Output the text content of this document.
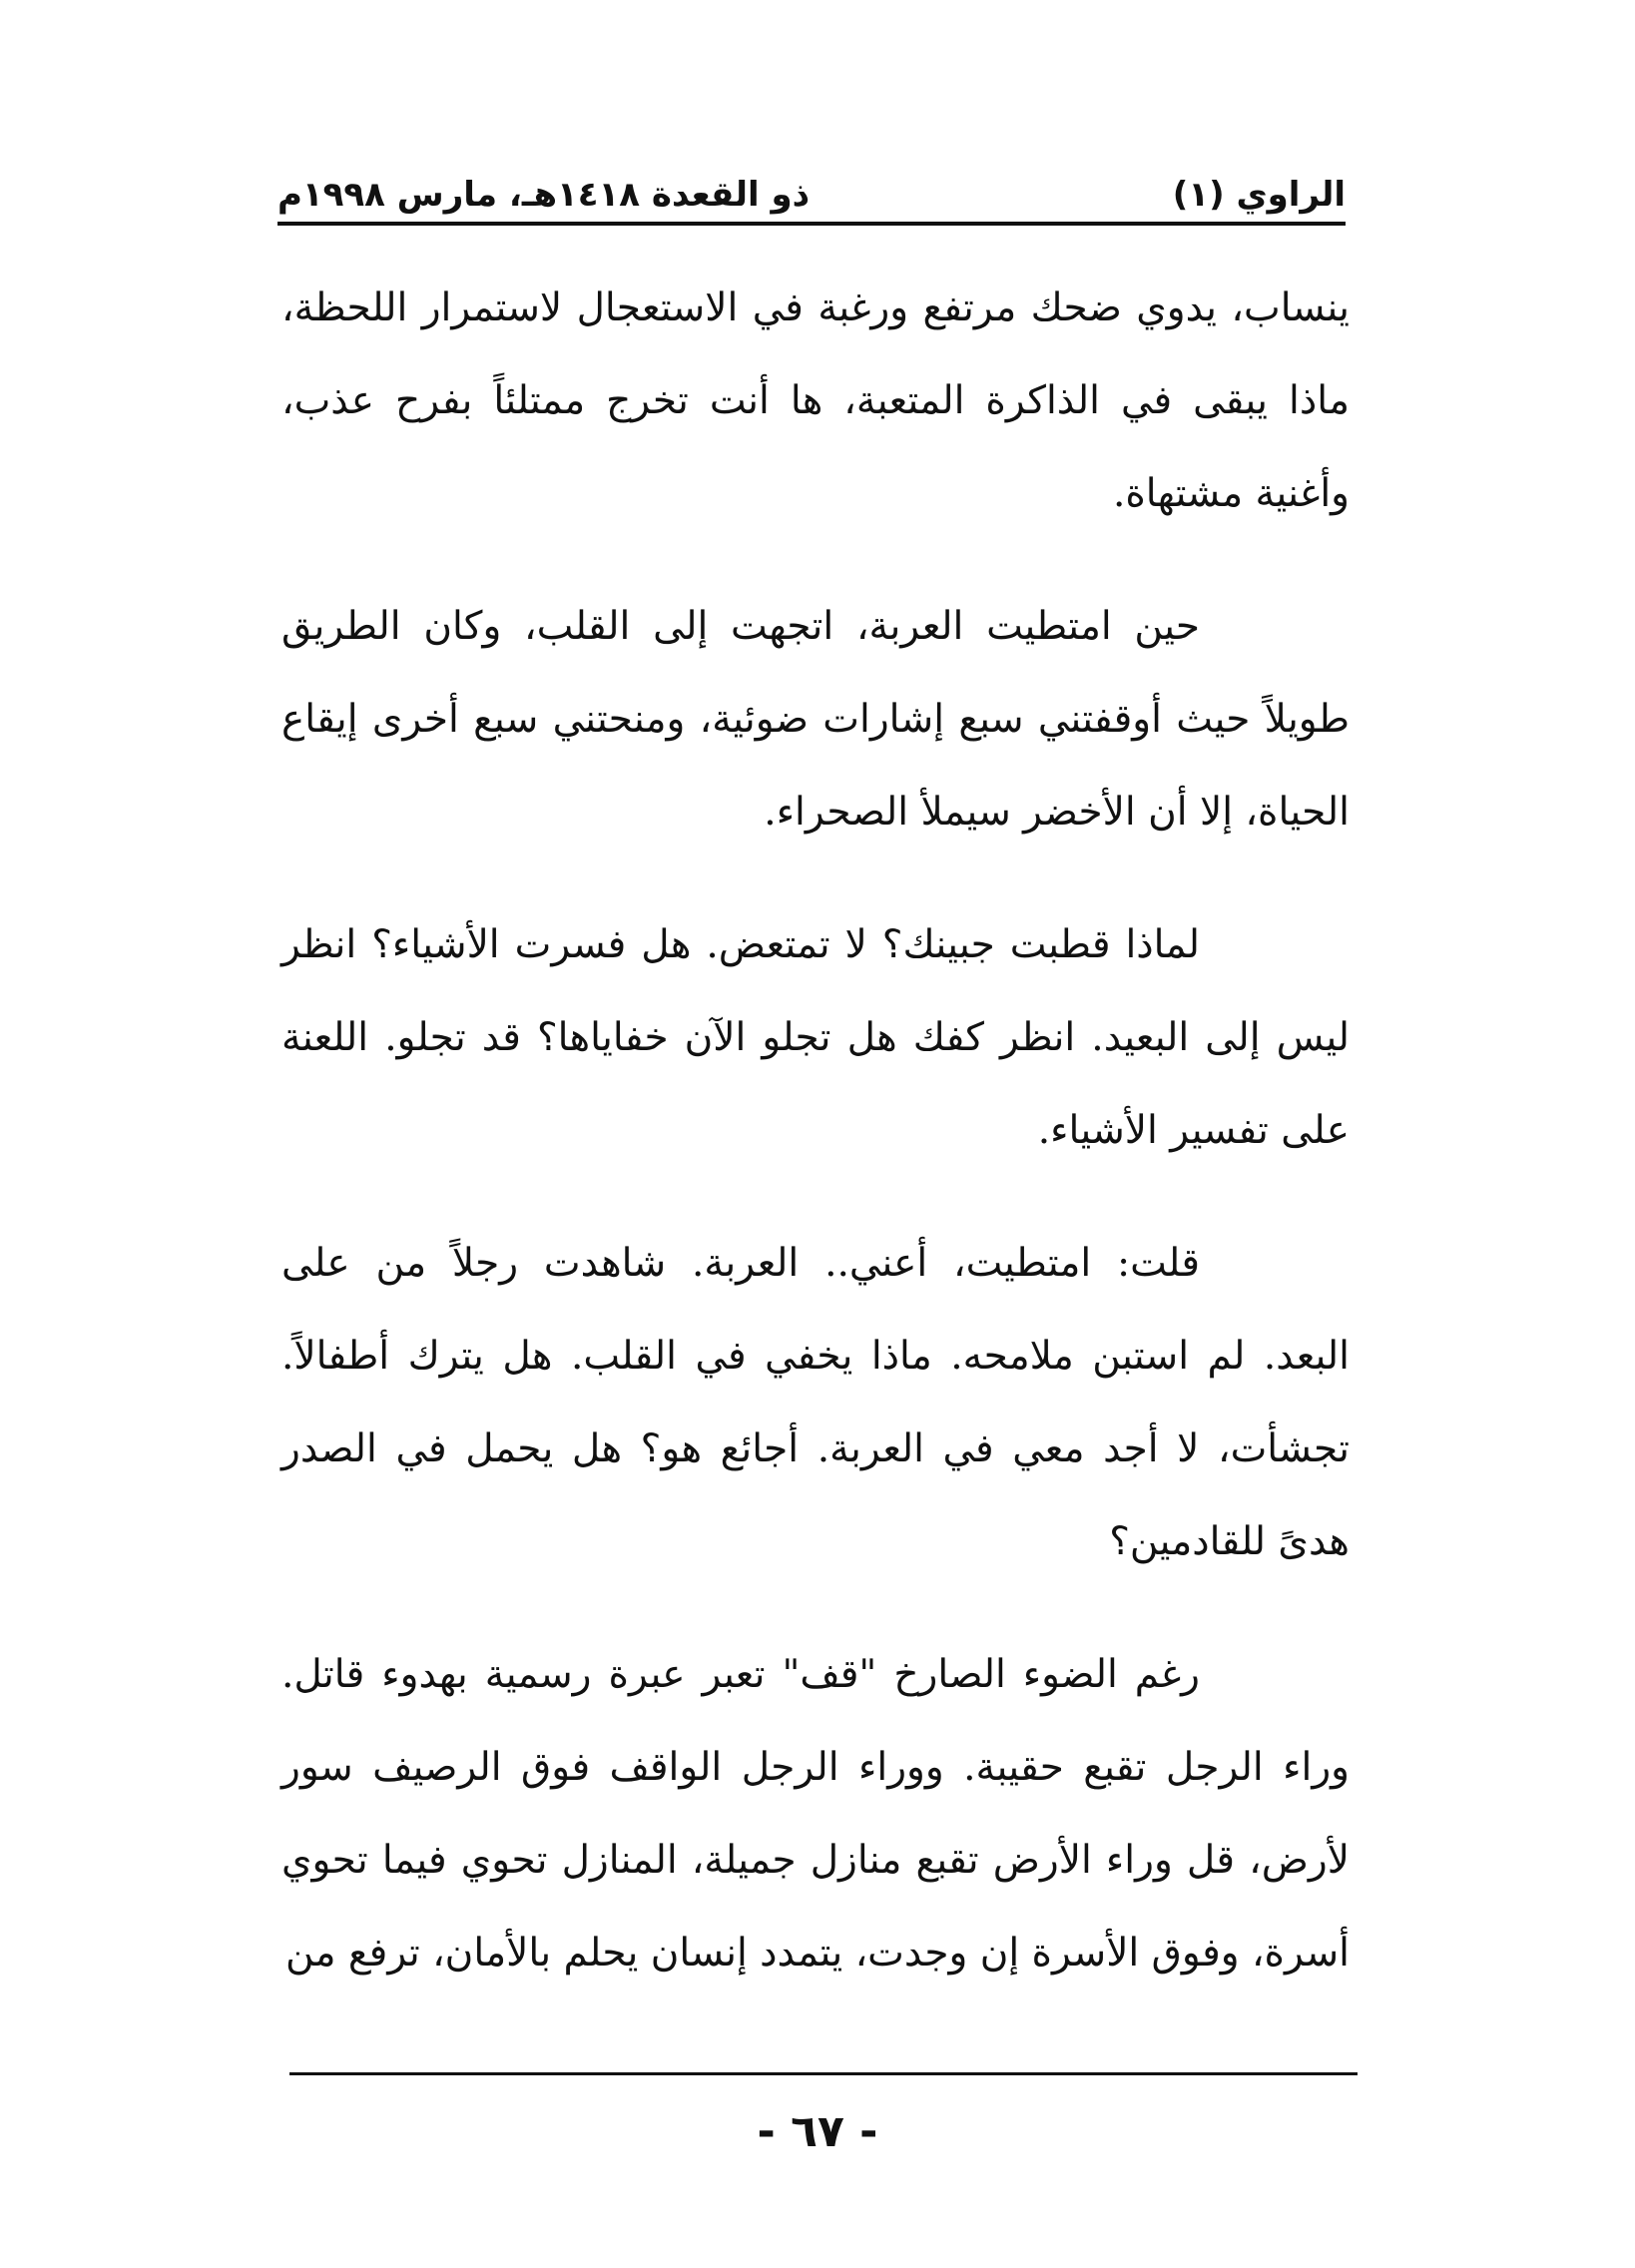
الراوي (١)
ذو القعدة ١٤١٨هـ، مارس ١٩٩٨م

ينساب، يدوي ضحك مرتفع ورغبة في الاستعجال لاستمرار اللحظة، ماذا يبقى في الذاكرة المتعبة، ها أنت تخرج ممتلئاً بفرح عذب، وأغنية مشتهاة.

حين امتطيت العربة، اتجهت إلى القلب، وكان الطريق طويلاً حيث أوقفتني سبع إشارات ضوئية، ومنحتني سبع أخرى إيقاع الحياة، إلا أن الأخضر سيملأ الصحراء.

لماذا قطبت جبينك؟ لا تمتعض. هل فسرت الأشياء؟ انظر ليس إلى البعيد. انظر كفك هل تجلو الآن خفاياها؟ قد تجلو. اللعنة على تفسير الأشياء.

قلت: امتطيت، أعني.. العربة. شاهدت رجلاً من على البعد. لم استبن ملامحه. ماذا يخفي في القلب. هل يترك أطفالاً. تجشأت، لا أجد معي في العربة. أجائع هو؟ هل يحمل في الصدر هدىً للقادمين؟

رغم الضوء الصارخ "قف" تعبر عبرة رسمية بهدوء قاتل. وراء الرجل تقبع حقيبة. ووراء الرجل الواقف فوق الرصيف سور لأرض، قل وراء الأرض تقبع منازل جميلة، المنازل تحوي فيما تحوي أسرة، وفوق الأسرة إن وجدت، يتمدد إنسان يحلم بالأمان، ترفع من

- ٦٧ -
